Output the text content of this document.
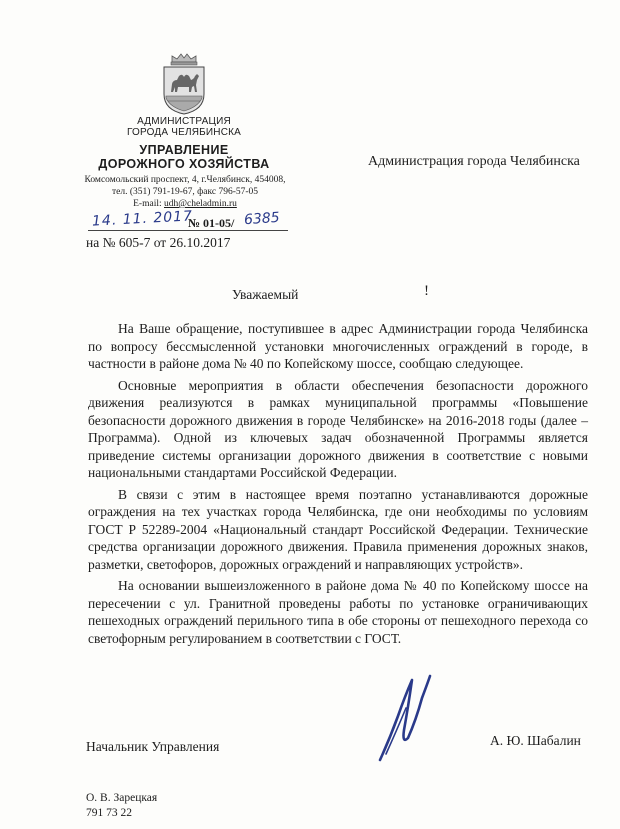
АДМИНИСТРАЦИЯ
ГОРОДА ЧЕЛЯБИНСКА
УПРАВЛЕНИЕ
ДОРОЖНОГО ХОЗЯЙСТВА
Комсомольский проспект, 4, г.Челябинск, 454008,
тел. (351) 791-19-67, факс 796-57-05
E-mail: udh@cheladmin.ru
Администрация города Челябинска
14. 11. 2017
№ 01-05/ 6385
на № 605-7 от 26.10.2017
Уважаемый	!

На Ваше обращение, поступившее в адрес Администрации города Челябинска по вопросу бессмысленной установки многочисленных ограждений в городе, в частности в районе дома № 40 по Копейскому шоссе, сообщаю следующее.

Основные мероприятия в области обеспечения безопасности дорожного движения реализуются в рамках муниципальной программы «Повышение безопасности дорожного движения в городе Челябинске» на 2016-2018 годы (далее – Программа). Одной из ключевых задач обозначенной Программы является приведение системы организации дорожного движения в соответствие с новыми национальными стандартами Российской Федерации.

В связи с этим в настоящее время поэтапно устанавливаются дорожные ограждения на тех участках города Челябинска, где они необходимы по условиям ГОСТ Р 52289-2004 «Национальный стандарт Российской Федерации. Технические средства организации дорожного движения. Правила применения дорожных знаков, разметки, светофоров, дорожных ограждений и направляющих устройств».

На основании вышеизложенного в районе дома № 40 по Копейскому шоссе на пересечении с ул. Гранитной проведены работы по установке ограничивающих пешеходных ограждений перильного типа в обе стороны от пешеходного перехода со светофорным регулированием в соответствии с ГОСТ.

Начальник Управления	А. Ю. Шабалин
О. В. Зарецкая
791 73 22
